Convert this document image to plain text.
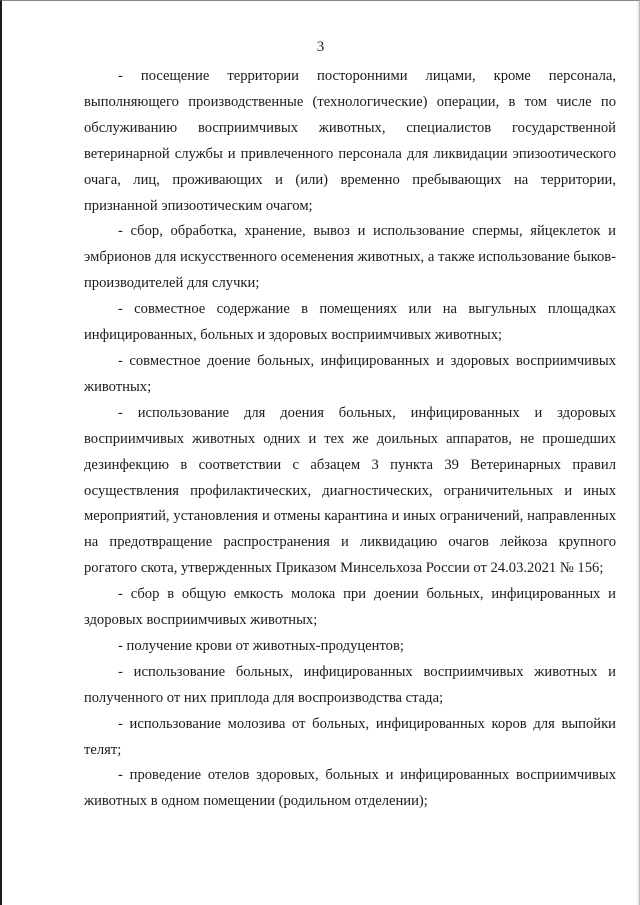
3

- посещение территории посторонними лицами, кроме персонала, выполняющего производственные (технологические) операции, в том числе по обслуживанию восприимчивых животных, специалистов государственной ветеринарной службы и привлеченного персонала для ликвидации эпизоотического очага, лиц, проживающих и (или) временно пребывающих на территории, признанной эпизоотическим очагом;

- сбор, обработка, хранение, вывоз и использование спермы, яйцеклеток и эмбрионов для искусственного осеменения животных, а также использование быков-производителей для случки;

- совместное содержание в помещениях или на выгульных площадках инфицированных, больных и здоровых восприимчивых животных;

- совместное доение больных, инфицированных и здоровых восприимчивых животных;

- использование для доения больных, инфицированных и здоровых восприимчивых животных одних и тех же доильных аппаратов, не прошедших дезинфекцию в соответствии с абзацем 3 пункта 39 Ветеринарных правил осуществления профилактических, диагностических, ограничительных и иных мероприятий, установления и отмены карантина и иных ограничений, направленных на предотвращение распространения и ликвидацию очагов лейкоза крупного рогатого скота, утвержденных Приказом Минсельхоза России от 24.03.2021 № 156;

- сбор в общую емкость молока при доении больных, инфицированных и здоровых восприимчивых животных;

- получение крови от животных-продуцентов;

- использование больных, инфицированных восприимчивых животных и полученного от них приплода для воспроизводства стада;

- использование молозива от больных, инфицированных коров для выпойки телят;

- проведение отелов здоровых, больных и инфицированных восприимчивых животных в одном помещении (родильном отделении);
